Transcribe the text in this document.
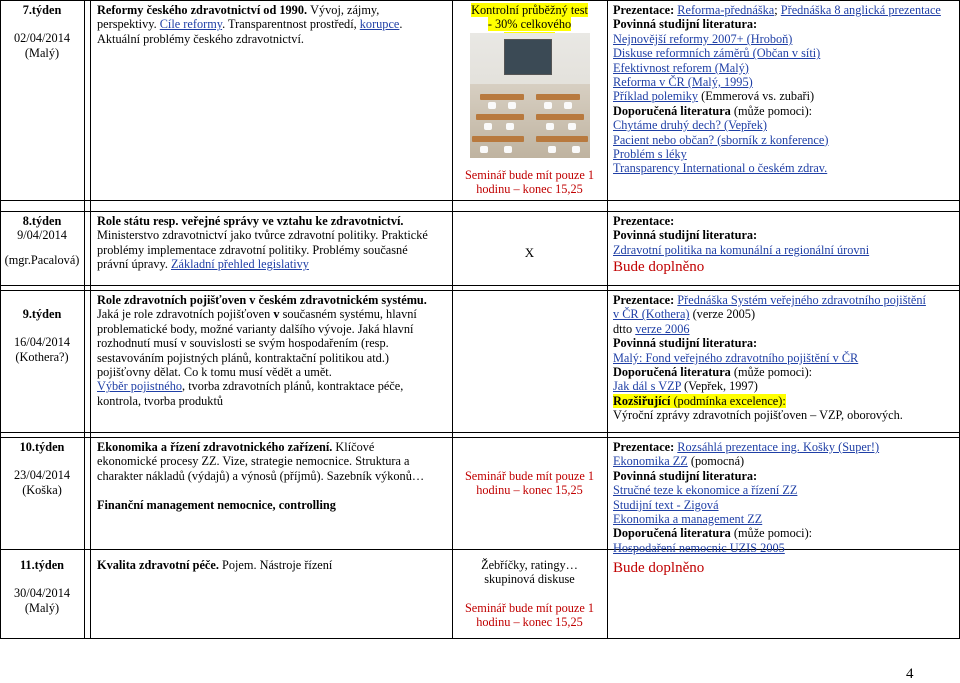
7.týden
02/04/2014
(Malý)
Reformy českého zdravotnictví od 1990. Vývoj, zájmy,
perspektivy. Cíle reformy. Transparentnost prostředí, korupce.
Aktuální problémy českého zdravotnictví.
Kontrolní průběžný test
- 30% celkového
Seminář bude mít pouze 1
hodinu – konec 15,25
Prezentace: Reforma-přednáška; Přednáška 8 anglická prezentace
Povinná studijní literatura:
Nejnovější reformy 2007+ (Hroboň)
Diskuse reformních záměrů (Občan v síti)
Efektivnost reforem (Malý)
Reforma v ČR (Malý, 1995)
Příklad polemiky (Emmerová vs. zubaři)
Doporučená literatura (může pomoci):
Chytáme druhý dech? (Vepřek)
Pacient nebo občan? (sborník z konference)
Problém s léky
Transparency International o českém zdrav.
8.týden
9/04/2014
(mgr.Pacalová)
Role státu resp. veřejné správy ve vztahu ke zdravotnictví.
Ministerstvo zdravotnictví jako tvůrce zdravotní politiky. Praktické
problémy implementace zdravotní politiky. Problémy současné
právní úpravy. Základní přehled legislativy
X
Prezentace:
Povinná studijní literatura:
Zdravotní politika na komunální a regionální úrovni
Bude doplněno
9.týden
16/04/2014
(Kothera?)
Role zdravotních pojišťoven v českém zdravotnickém systému.
Jaká je role zdravotních pojišťoven v současném systému, hlavní
problematické body, možné varianty dalšího vývoje. Jaká hlavní
rozhodnutí musí v souvislosti se svým hospodařením (resp.
sestavováním pojistných plánů, kontraktační politikou atd.)
pojišťovny dělat. Co k tomu musí vědět a umět.
Výběr pojistného, tvorba zdravotních plánů, kontraktace péče,
kontrola, tvorba produktů
Prezentace: Přednáška Systém veřejného zdravotního pojištění
v ČR (Kothera) (verze 2005)
dtto verze 2006
Povinná studijní literatura:
Malý: Fond veřejného zdravotního pojištění v ČR
Doporučená literatura (může pomoci):
Jak dál s VZP (Vepřek, 1997)
Rozšiřující (podmínka excelence):
Výroční zprávy zdravotních pojišťoven – VZP, oborových.
10.týden
23/04/2014
(Koška)
Ekonomika a řízení zdravotnického zařízení. Klíčové
ekonomické procesy ZZ. Vize, strategie nemocnice. Struktura a
charakter nákladů (výdajů) a výnosů (příjmů). Sazebník výkonů…

Finanční management nemocnice, controlling
Seminář bude mít pouze 1
hodinu – konec 15,25
Prezentace: Rozsáhlá prezentace ing. Košky (Super!)
Ekonomika ZZ (pomocná)
Povinná studijní literatura:
Stručné teze k ekonomice a řízení ZZ
Studijní text - Zigová
Ekonomika a management ZZ
Doporučená literatura (může pomoci):
Hospodaření nemocnic UZIS 2005
11.týden
30/04/2014
(Malý)
Kvalita zdravotní péče. Pojem. Nástroje řízení	Žebříčky, ratingy…
skupinová diskuse
Seminář bude mít pouze 1
hodinu – konec 15,25
Bude doplněno
4
